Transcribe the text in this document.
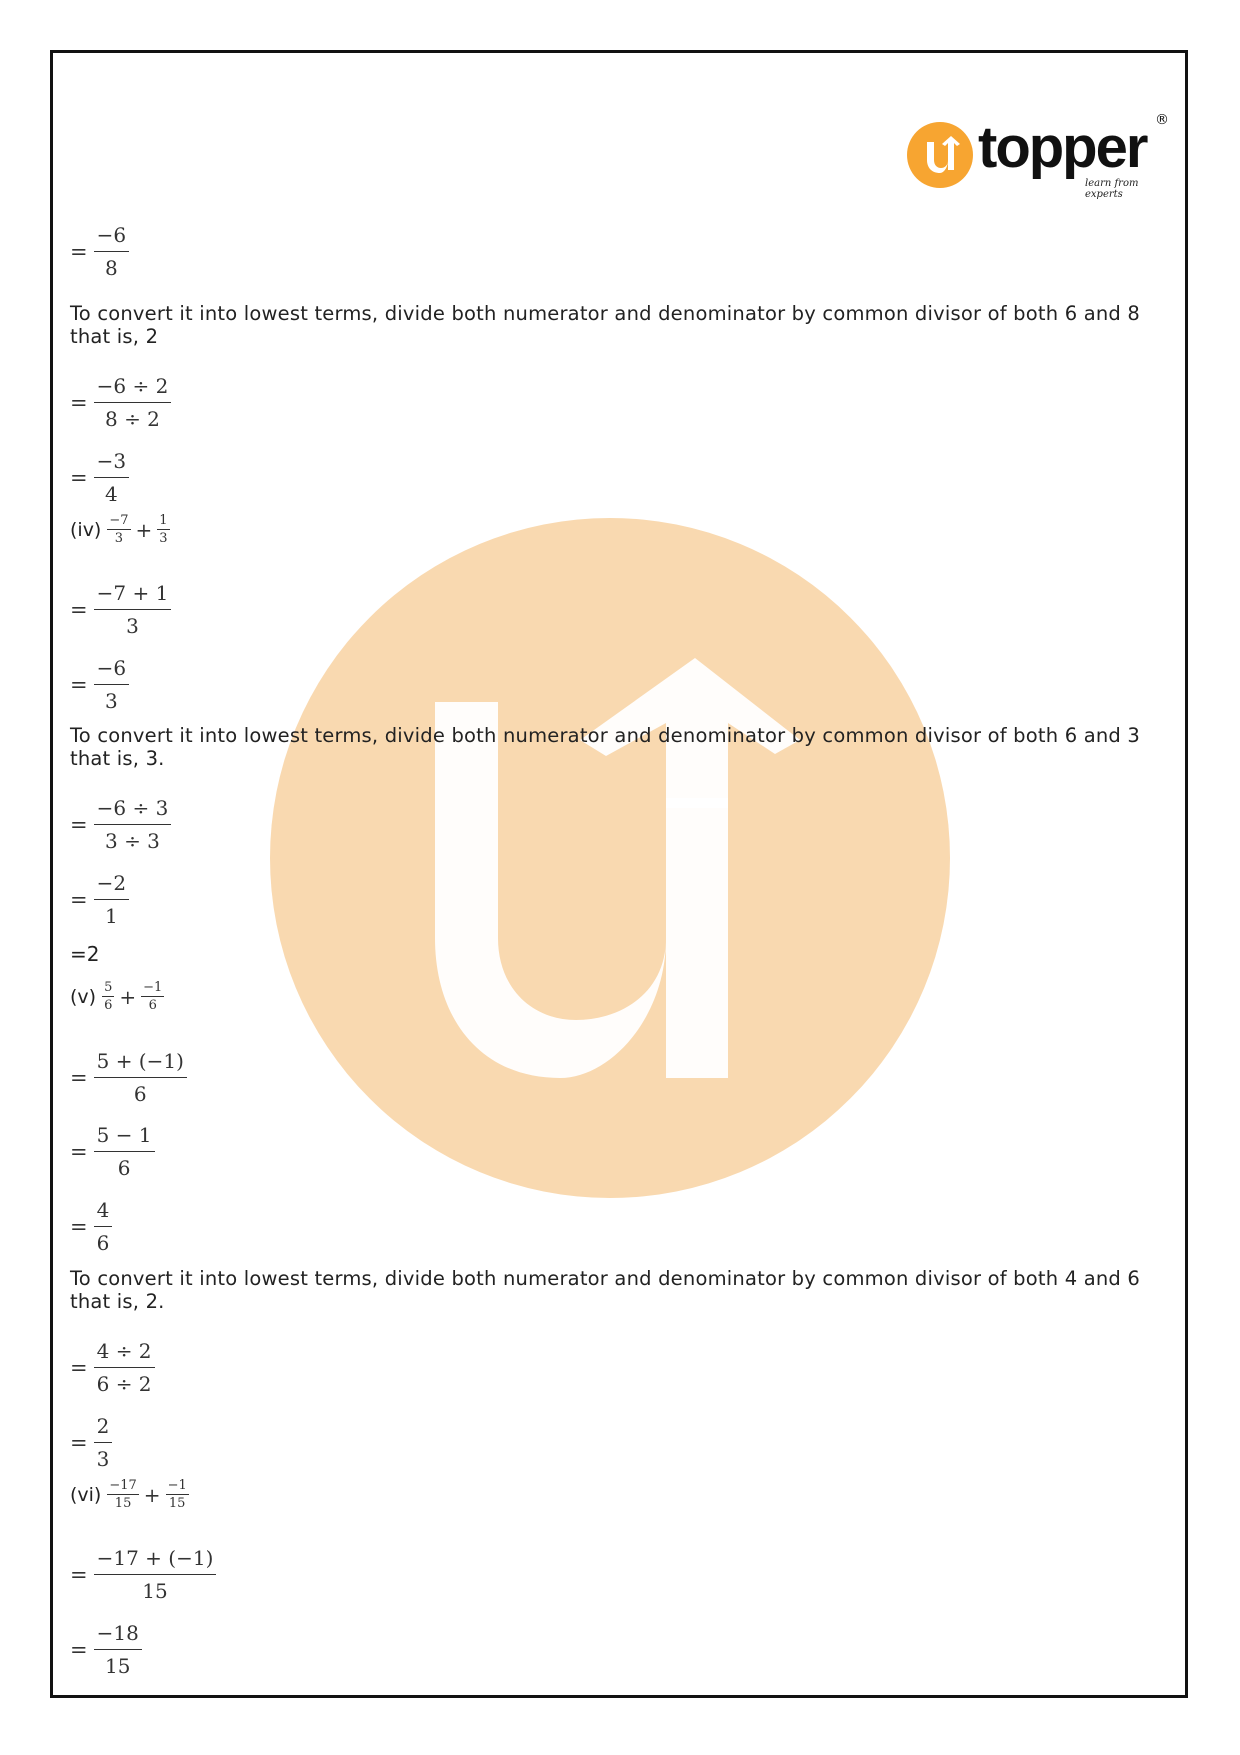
topper ®
learn from experts
= $\frac{-6}{8}$
To convert it into lowest terms, divide both numerator and denominator by common divisor of both 6 and 8
that is, 2
= $\frac{-6 \div 2}{8 \div 2}$
= $\frac{-3}{4}$
$(iv) \frac{-7}{3} + \frac{1}{3}$
= $\frac{-7 + 1}{3}$
= $\frac{-6}{3}$
To convert it into lowest terms, divide both numerator and denominator by common divisor of both 6 and 3
that is, 3.
= $\frac{-6 \div 3}{3 \div 3}$
= $\frac{-2}{1}$
=2
$(v) \frac{5}{6} + \frac{-1}{6}$
= $\frac{5 + (-1)}{6}$
= $\frac{5 - 1}{6}$
= $\frac{4}{6}$
To convert it into lowest terms, divide both numerator and denominator by common divisor of both 4 and 6
that is, 2.
= $\frac{4 \div 2}{6 \div 2}$
= $\frac{2}{3}$
$(vi) \frac{-17}{15} + \frac{-1}{15}$
= $\frac{-17 + (-1)}{15}$
= $\frac{-18}{15}$
